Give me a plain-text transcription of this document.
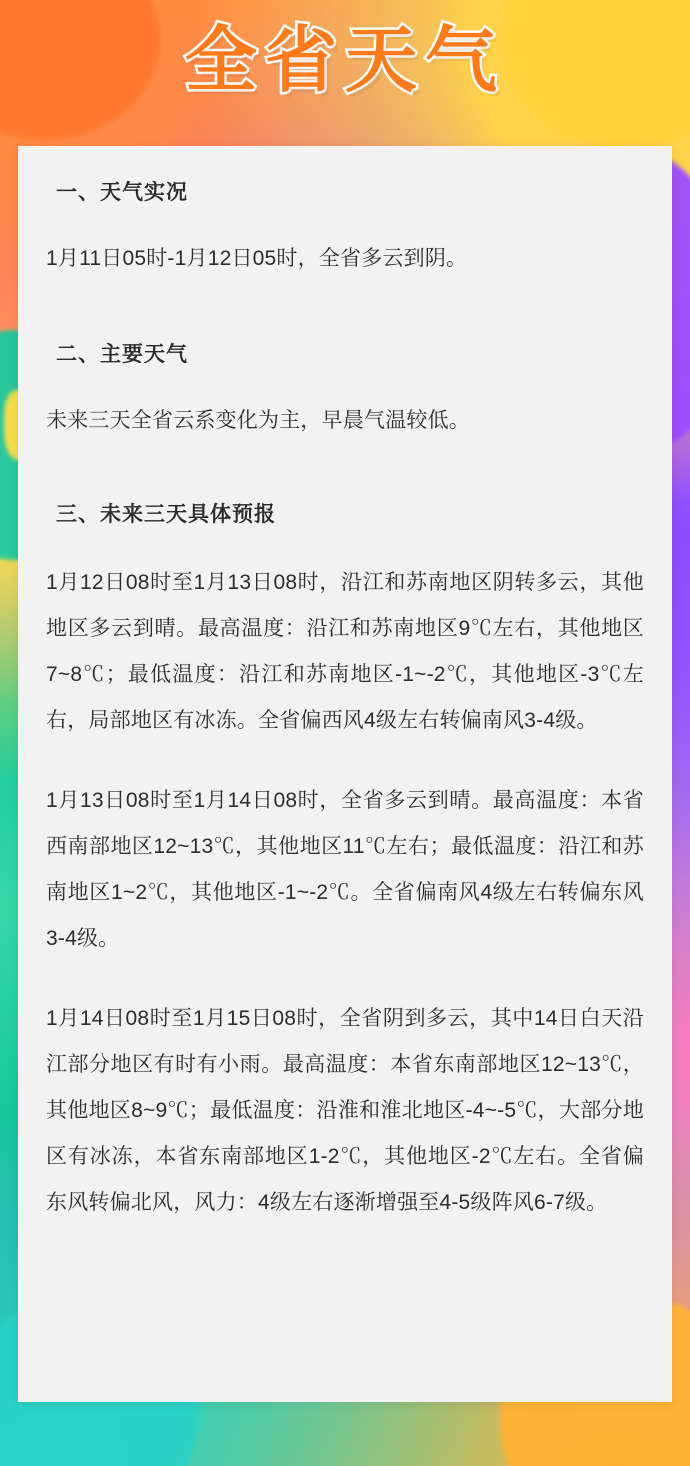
全省天气
一、天气实况

1月11日05时-1月12日05时，全省多云到阴。

二、主要天气

未来三天全省云系变化为主，早晨气温较低。

三、未来三天具体预报

1月12日08时至1月13日08时，沿江和苏南地区阴转多云，其他地区多云到晴。最高温度：沿江和苏南地区9℃左右，其他地区7~8℃；最低温度：沿江和苏南地区-1~-2℃，其他地区-3℃左右，局部地区有冰冻。全省偏西风4级左右转偏南风3-4级。

1月13日08时至1月14日08时，全省多云到晴。最高温度：本省西南部地区12~13℃，其他地区11℃左右；最低温度：沿江和苏南地区1~2℃，其他地区-1~-2℃。全省偏南风4级左右转偏东风3-4级。

1月14日08时至1月15日08时，全省阴到多云，其中14日白天沿江部分地区有时有小雨。最高温度：本省东南部地区12~13℃，其他地区8~9℃；最低温度：沿淮和淮北地区-4~-5℃，大部分地区有冰冻，本省东南部地区1-2℃，其他地区-2℃左右。全省偏东风转偏北风，风力：4级左右逐渐增强至4-5级阵风6-7级。
